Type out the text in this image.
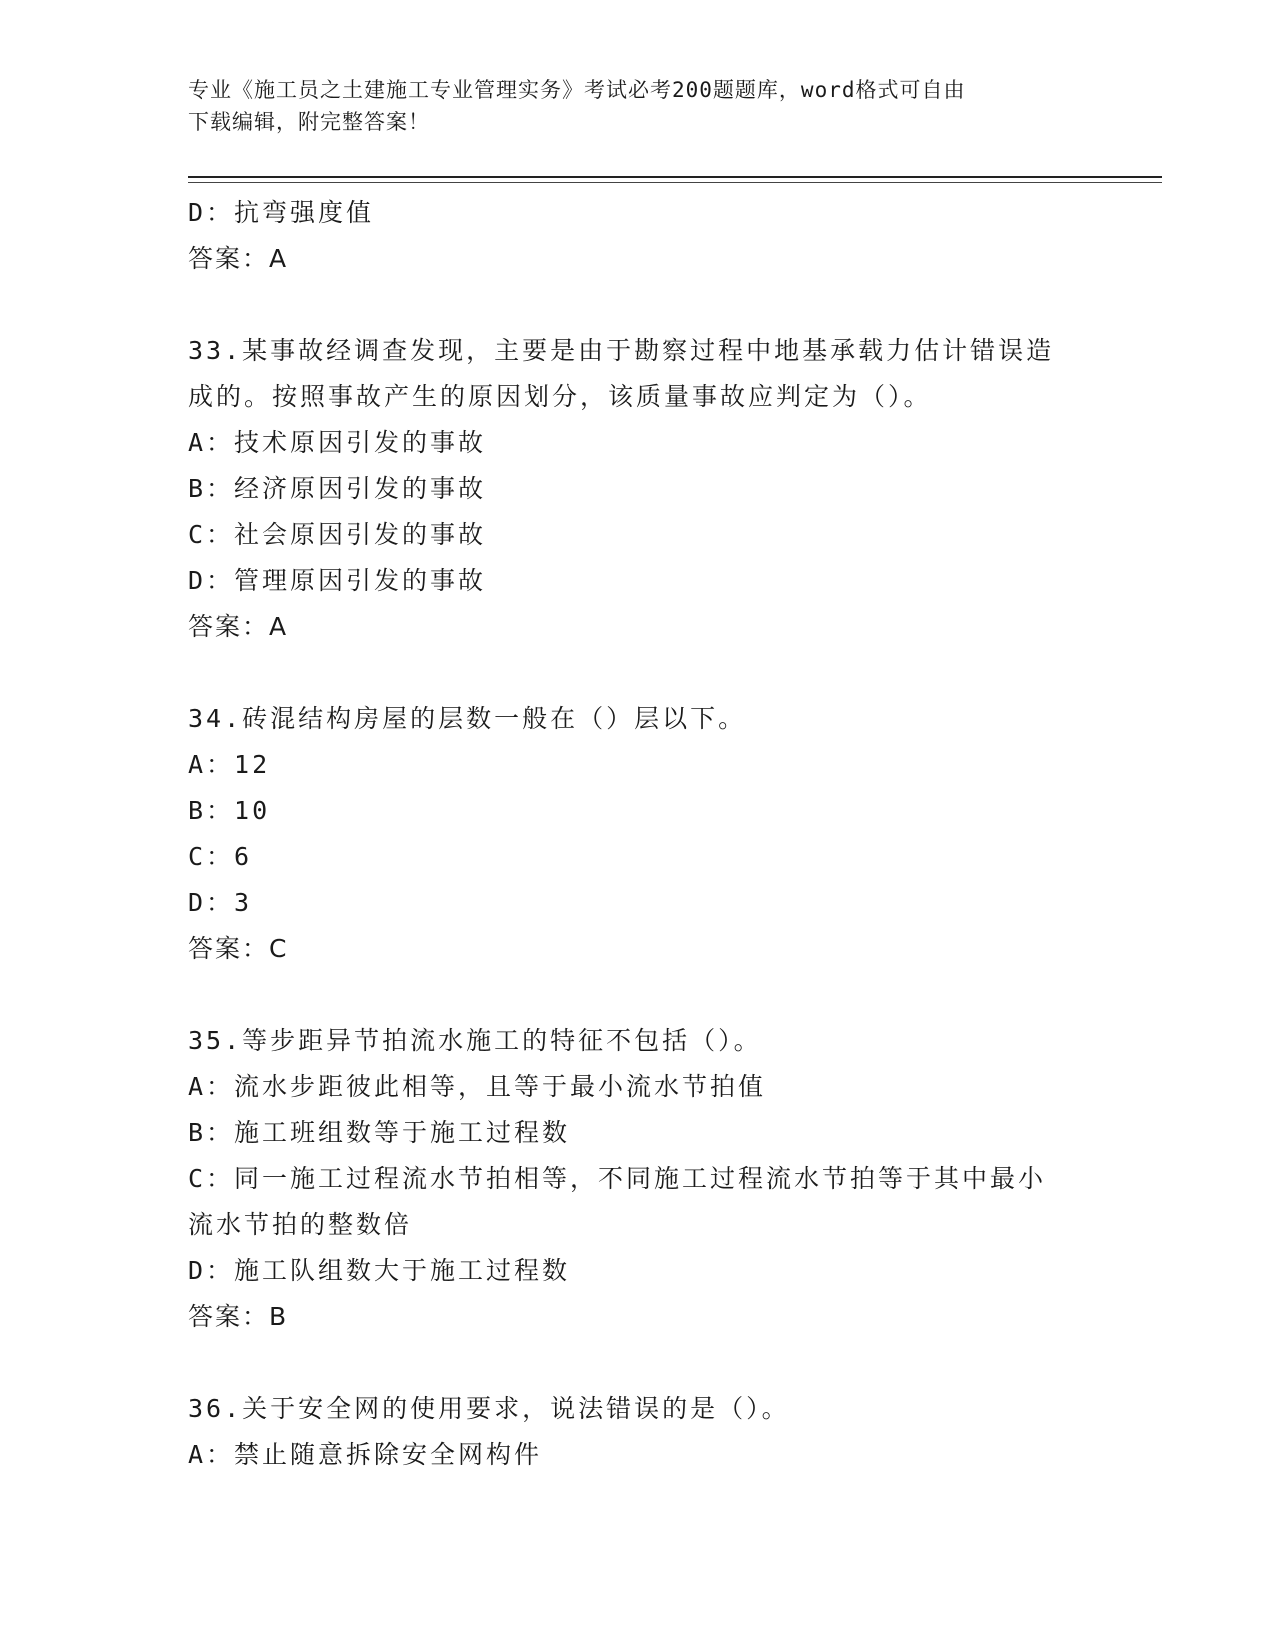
专业《施工员之土建施工专业管理实务》考试必考200题题库，word格式可自由
下载编辑，附完整答案！
D：抗弯强度值
答案：A
33.某事故经调查发现，主要是由于勘察过程中地基承载力估计错误造
成的。按照事故产生的原因划分，该质量事故应判定为（）。
A：技术原因引发的事故
B：经济原因引发的事故
C：社会原因引发的事故
D：管理原因引发的事故
答案：A
34.砖混结构房屋的层数一般在（）层以下。
A：12
B：10
C：6
D：3
答案：C
35.等步距异节拍流水施工的特征不包括（）。
A：流水步距彼此相等，且等于最小流水节拍值
B：施工班组数等于施工过程数
C：同一施工过程流水节拍相等，不同施工过程流水节拍等于其中最小
流水节拍的整数倍
D：施工队组数大于施工过程数
答案：B
36.关于安全网的使用要求，说法错误的是（）。
A：禁止随意拆除安全网构件
